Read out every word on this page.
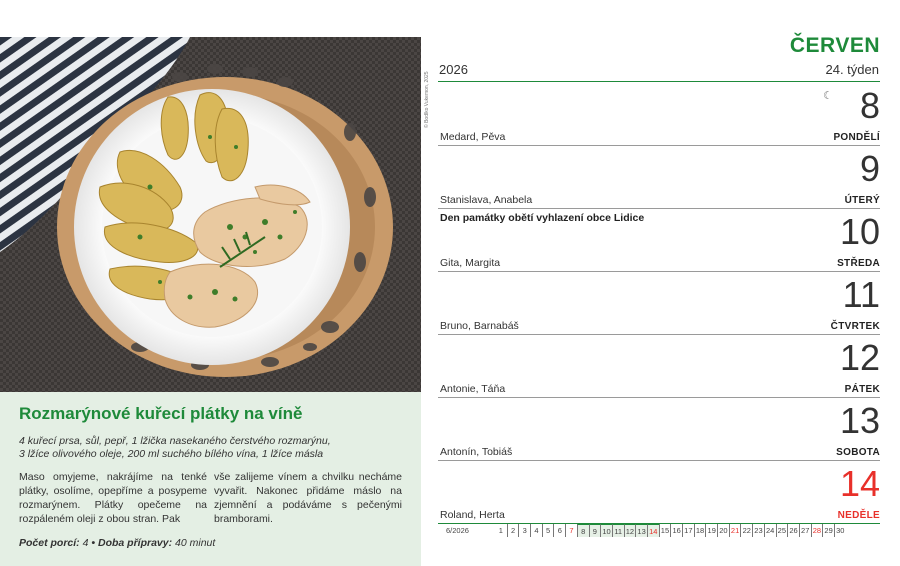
© Bodlko Vukemon, 2025
Rozmarýnové kuřecí plátky na víně
4 kuřecí prsa, sůl, pepř, 1 lžička nasekaného čerstvého rozmarýnu,
3 lžíce olivového oleje, 200 ml suchého bílého vína, 1 lžíce másla
Maso omyjeme, nakrájíme na tenké plátky, osolíme, opepříme a posypeme rozmarýnem. Plátky opečeme na rozpáleném oleji z obou stran. Pak
vše zalijeme vínem a chvilku necháme vyvařit. Nakonec přidáme máslo na zjemnění a podáváme s pečenými bramborami.
Počet porcí: 4 • Doba přípravy: 40 minut
ČERVEN
2026	24. týden
☾ 8
Medard, Pěva	PONDĚLÍ
9
Stanislava, Anabela	ÚTERÝ
Den památky obětí vyhlazení obce Lidice	10
Gita, Margita	STŘEDA
11
Bruno, Barnabáš	ČTVRTEK
12
Antonie, Táňa	PÁTEK
13
Antonín, Tobiáš	SOBOTA
14
Roland, Herta	NEDĚLE
6/2026	1	2	3	4	5	6	7	8	9 10 11 12 13 14 15 16 17 18 19 20 21 22 23 24 25 26 27 28 29 30
